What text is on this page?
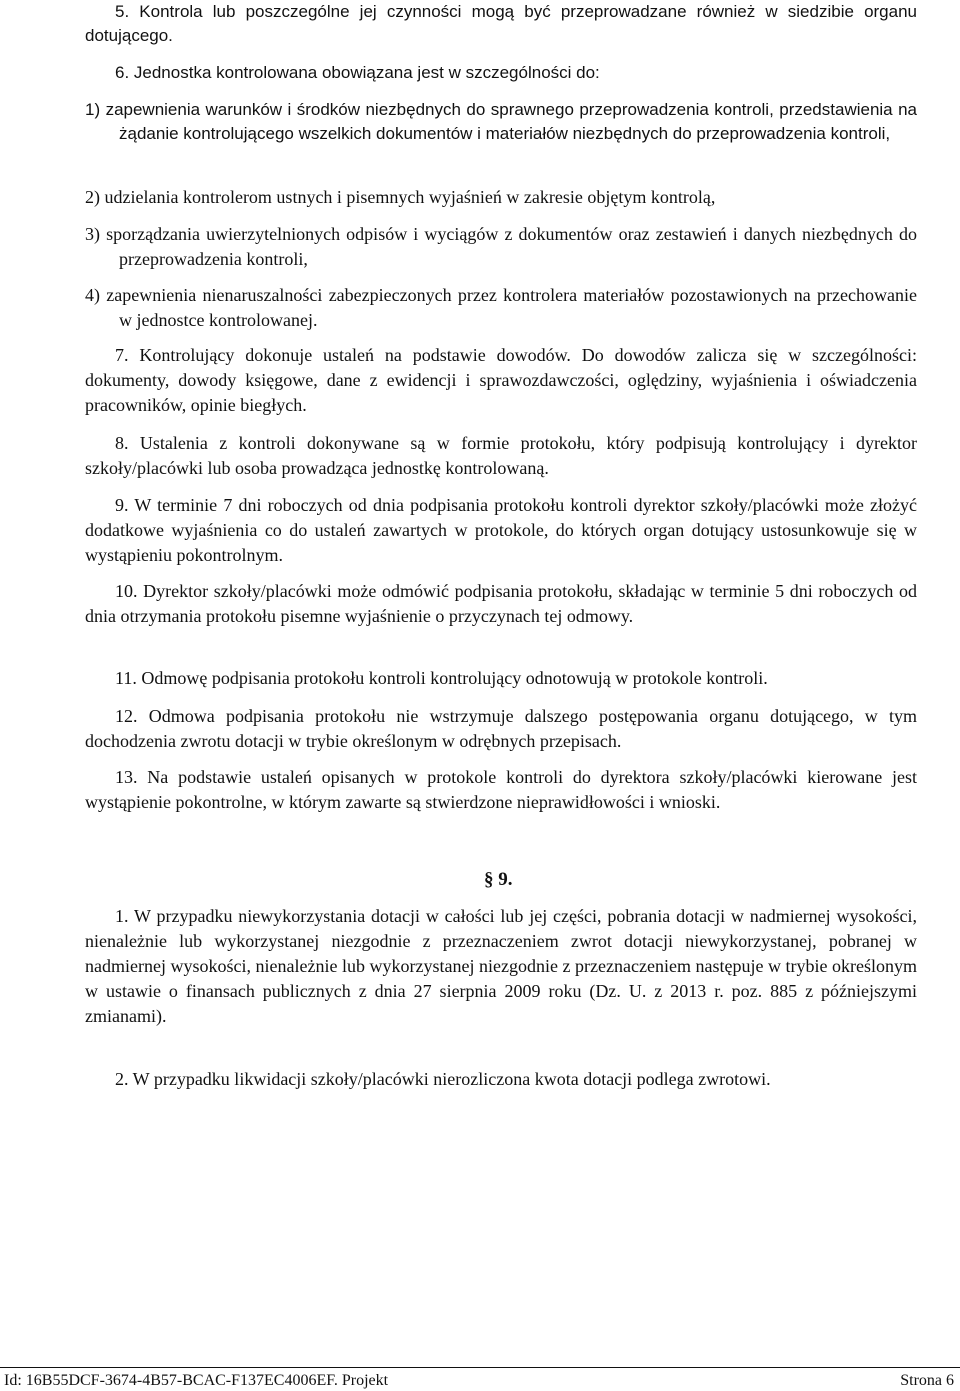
5. Kontrola lub poszczególne jej czynności mogą być przeprowadzane również w siedzibie organu dotującego.

6. Jednostka kontrolowana obowiązana jest w szczególności do:

1) zapewnienia warunków i środków niezbędnych do sprawnego przeprowadzenia kontroli, przedstawienia na żądanie kontrolującego wszelkich dokumentów i materiałów niezbędnych do przeprowadzenia kontroli,

2) udzielania kontrolerom ustnych i pisemnych wyjaśnień w zakresie objętym kontrolą,

3) sporządzania uwierzytelnionych odpisów i wyciągów z dokumentów oraz zestawień i danych niezbędnych do przeprowadzenia kontroli,

4) zapewnienia nienaruszalności zabezpieczonych przez kontrolera materiałów pozostawionych na przechowanie w jednostce kontrolowanej.

7. Kontrolujący dokonuje ustaleń na podstawie dowodów. Do dowodów zalicza się w szczególności: dokumenty, dowody księgowe, dane z ewidencji i sprawozdawczości, oględziny, wyjaśnienia i oświadczenia pracowników, opinie biegłych.

8. Ustalenia z kontroli dokonywane są w formie protokołu, który podpisują kontrolujący i dyrektor szkoły/placówki lub osoba prowadząca jednostkę kontrolowaną.

9. W terminie 7 dni roboczych od dnia podpisania protokołu kontroli dyrektor szkoły/placówki może złożyć dodatkowe wyjaśnienia co do ustaleń zawartych w protokole, do których organ dotujący ustosunkowuje się w wystąpieniu pokontrolnym.

10. Dyrektor szkoły/placówki może odmówić podpisania protokołu, składając w terminie 5 dni roboczych od dnia otrzymania protokołu pisemne wyjaśnienie o przyczynach tej odmowy.

11. Odmowę podpisania protokołu kontroli kontrolujący odnotowują w protokole kontroli.

12. Odmowa podpisania protokołu nie wstrzymuje dalszego postępowania organu dotującego, w tym dochodzenia zwrotu dotacji w trybie określonym w odrębnych przepisach.

13. Na podstawie ustaleń opisanych w protokole kontroli do dyrektora szkoły/placówki kierowane jest wystąpienie pokontrolne, w którym zawarte są stwierdzone nieprawidłowości i wnioski.

§ 9.

1. W przypadku niewykorzystania dotacji w całości lub jej części, pobrania dotacji w nadmiernej wysokości, nienależnie lub wykorzystanej niezgodnie z przeznaczeniem zwrot dotacji niewykorzystanej, pobranej w nadmiernej wysokości, nienależnie lub wykorzystanej niezgodnie z przeznaczeniem następuje w trybie określonym w ustawie o finansach publicznych z dnia 27 sierpnia 2009 roku (Dz. U. z 2013 r. poz. 885 z późniejszymi zmianami).

2. W przypadku likwidacji szkoły/placówki nierozliczona kwota dotacji podlega zwrotowi.

Id: 16B55DCF-3674-4B57-BCAC-F137EC4006EF. Projekt	Strona 6
